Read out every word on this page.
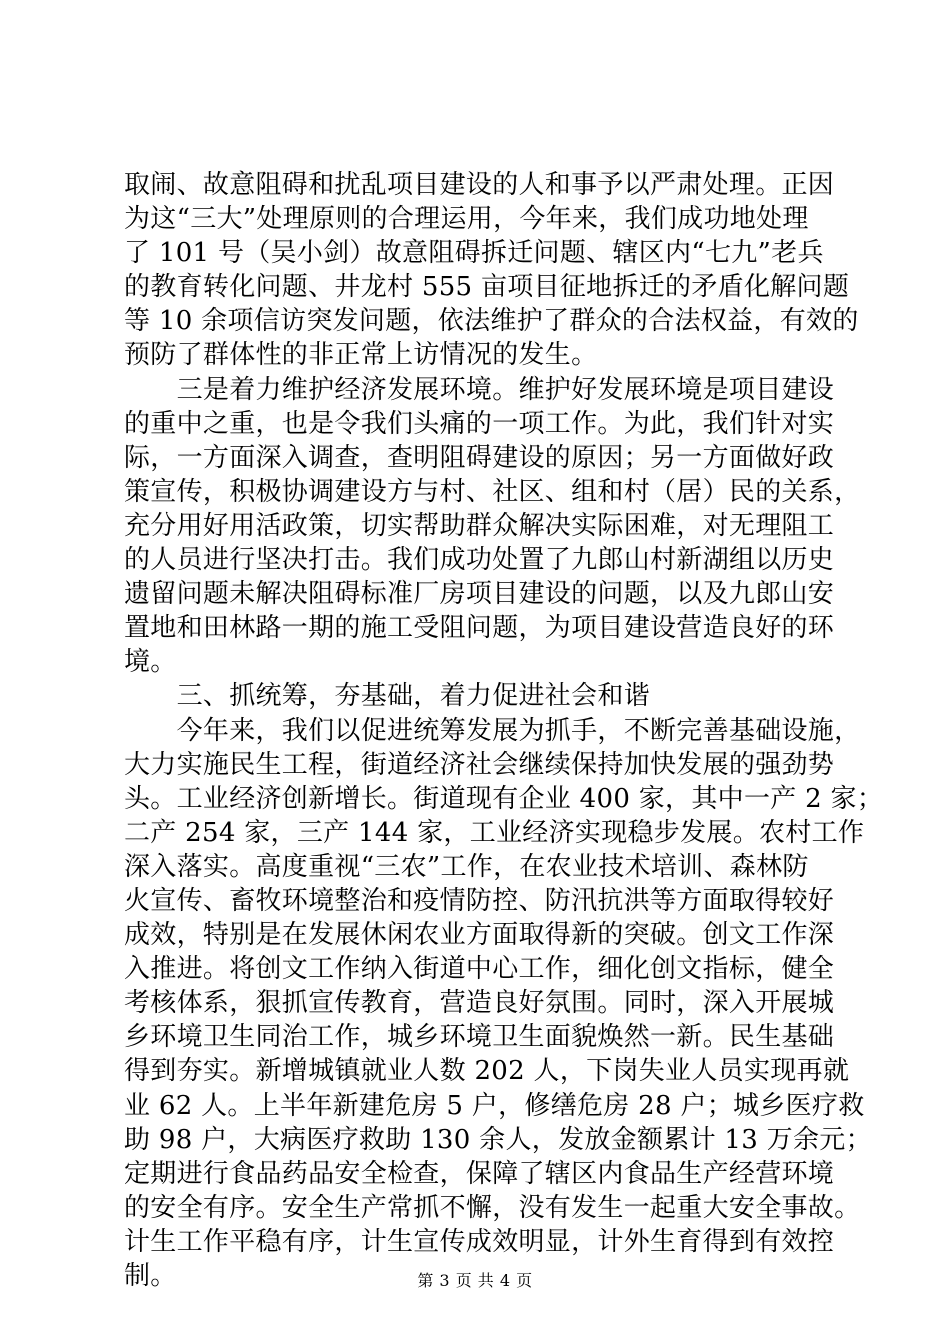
取闹、故意阻碍和扰乱项目建设的人和事予以严肃处理。正因
为这“三大”处理原则的合理运用，今年来，我们成功地处理
了 101 号（吴小剑）故意阻碍拆迁问题、辖区内“七九”老兵
的教育转化问题、井龙村 555 亩项目征地拆迁的矛盾化解问题
等 10 余项信访突发问题，依法维护了群众的合法权益，有效的
预防了群体性的非正常上访情况的发生。
　　三是着力维护经济发展环境。维护好发展环境是项目建设
的重中之重，也是令我们头痛的一项工作。为此，我们针对实
际，一方面深入调查，查明阻碍建设的原因；另一方面做好政
策宣传，积极协调建设方与村、社区、组和村（居）民的关系，
充分用好用活政策，切实帮助群众解决实际困难，对无理阻工
的人员进行坚决打击。我们成功处置了九郎山村新湖组以历史
遗留问题未解决阻碍标准厂房项目建设的问题，以及九郎山安
置地和田林路一期的施工受阻问题，为项目建设营造良好的环
境。
　　三、抓统筹，夯基础，着力促进社会和谐
　　今年来，我们以促进统筹发展为抓手，不断完善基础设施，
大力实施民生工程，街道经济社会继续保持加快发展的强劲势
头。工业经济创新增长。街道现有企业 400 家，其中一产 2 家；
二产 254 家，三产 144 家，工业经济实现稳步发展。农村工作
深入落实。高度重视“三农”工作，在农业技术培训、森林防
火宣传、畜牧环境整治和疫情防控、防汛抗洪等方面取得较好
成效，特别是在发展休闲农业方面取得新的突破。创文工作深
入推进。将创文工作纳入街道中心工作，细化创文指标，健全
考核体系，狠抓宣传教育，营造良好氛围。同时，深入开展城
乡环境卫生同治工作，城乡环境卫生面貌焕然一新。民生基础
得到夯实。新增城镇就业人数 202 人，下岗失业人员实现再就
业 62 人。上半年新建危房 5 户，修缮危房 28 户；城乡医疗救
助 98 户，大病医疗救助 130 余人，发放金额累计 13 万余元；
定期进行食品药品安全检查，保障了辖区内食品生产经营环境
的安全有序。安全生产常抓不懈，没有发生一起重大安全事故。
计生工作平稳有序，计生宣传成效明显，计外生育得到有效控
制。	第 3 页 共 4 页
